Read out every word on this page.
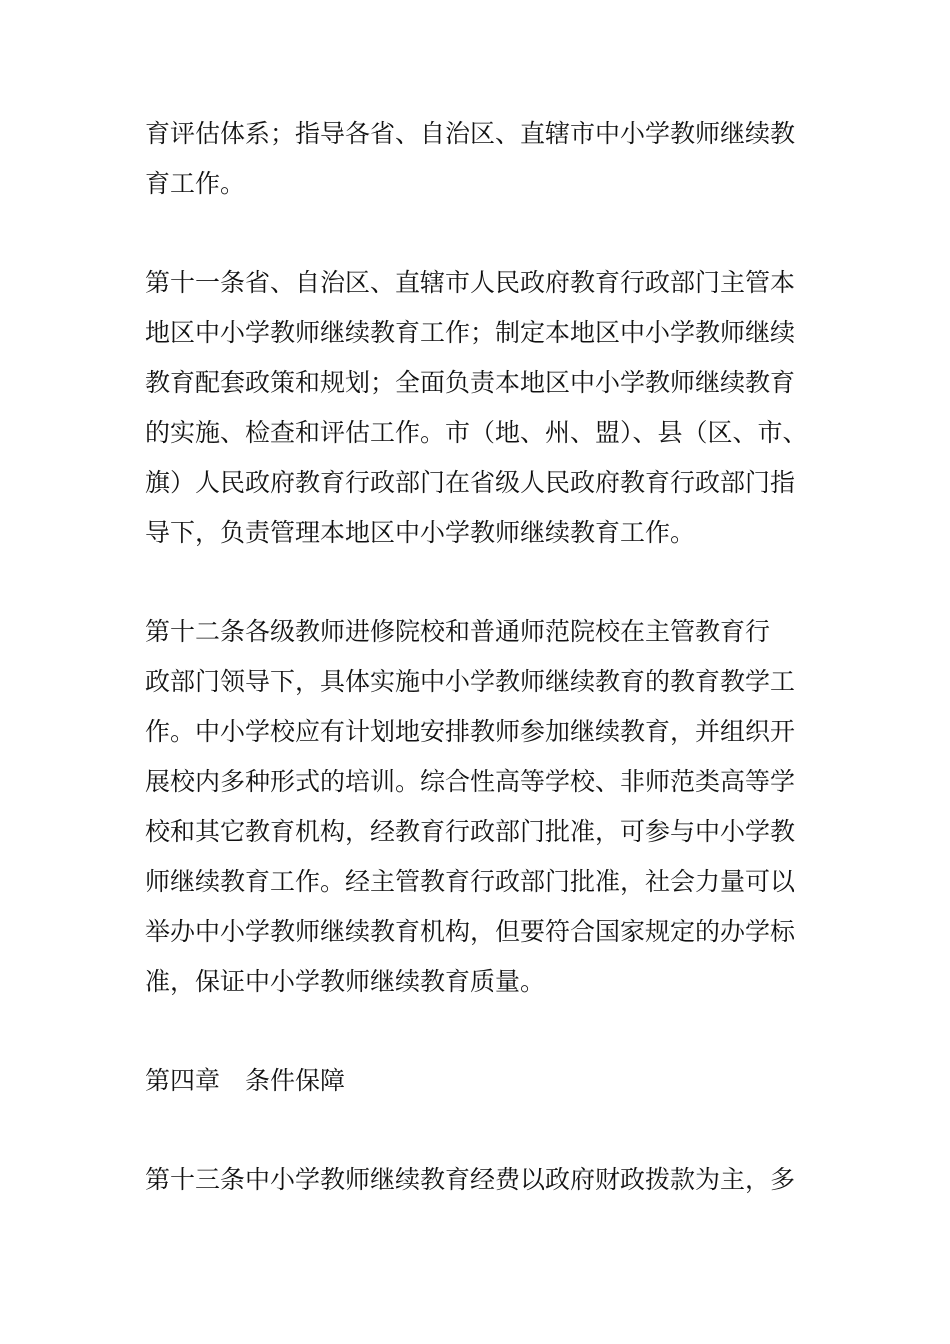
育评估体系；指导各省、自治区、直辖市中小学教师继续教
育工作。
第十一条省、自治区、直辖市人民政府教育行政部门主管本
地区中小学教师继续教育工作；制定本地区中小学教师继续
教育配套政策和规划；全面负责本地区中小学教师继续教育
的实施、检查和评估工作。市（地、州、盟）、县（区、市、
旗）人民政府教育行政部门在省级人民政府教育行政部门指
导下，负责管理本地区中小学教师继续教育工作。
第十二条各级教师进修院校和普通师范院校在主管教育行
政部门领导下，具体实施中小学教师继续教育的教育教学工
作。中小学校应有计划地安排教师参加继续教育，并组织开
展校内多种形式的培训。综合性高等学校、非师范类高等学
校和其它教育机构，经教育行政部门批准，可参与中小学教
师继续教育工作。经主管教育行政部门批准，社会力量可以
举办中小学教师继续教育机构，但要符合国家规定的办学标
准，保证中小学教师继续教育质量。
第四章　条件保障
第十三条中小学教师继续教育经费以政府财政拨款为主，多
